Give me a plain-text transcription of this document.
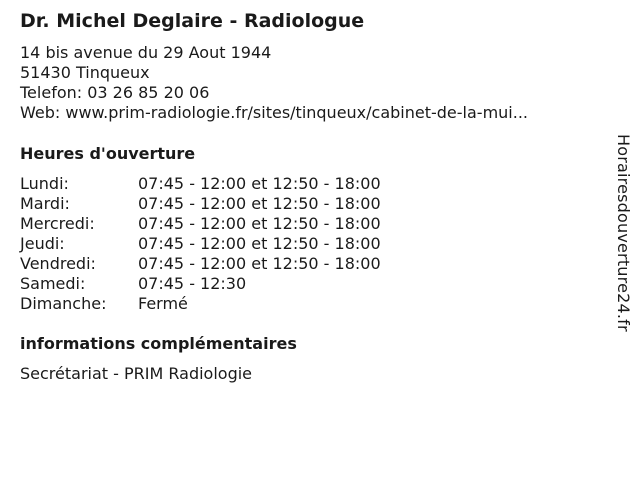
Dr. Michel Deglaire - Radiologue
14 bis avenue du 29 Aout 1944
51430 Tinqueux
Telefon: 03 26 85 20 06
Web: www.prim-radiologie.fr/sites/tinqueux/cabinet-de-la-mui...
Heures d'ouverture
Lundi:	07:45 - 12:00 et 12:50 - 18:00
Mardi:	07:45 - 12:00 et 12:50 - 18:00
Mercredi:	07:45 - 12:00 et 12:50 - 18:00
Jeudi:	07:45 - 12:00 et 12:50 - 18:00
Vendredi:	07:45 - 12:00 et 12:50 - 18:00
Samedi:	07:45 - 12:30
Dimanche:	Fermé
informations complémentaires
Secrétariat - PRIM Radiologie
Horairesdouverture24.fr
